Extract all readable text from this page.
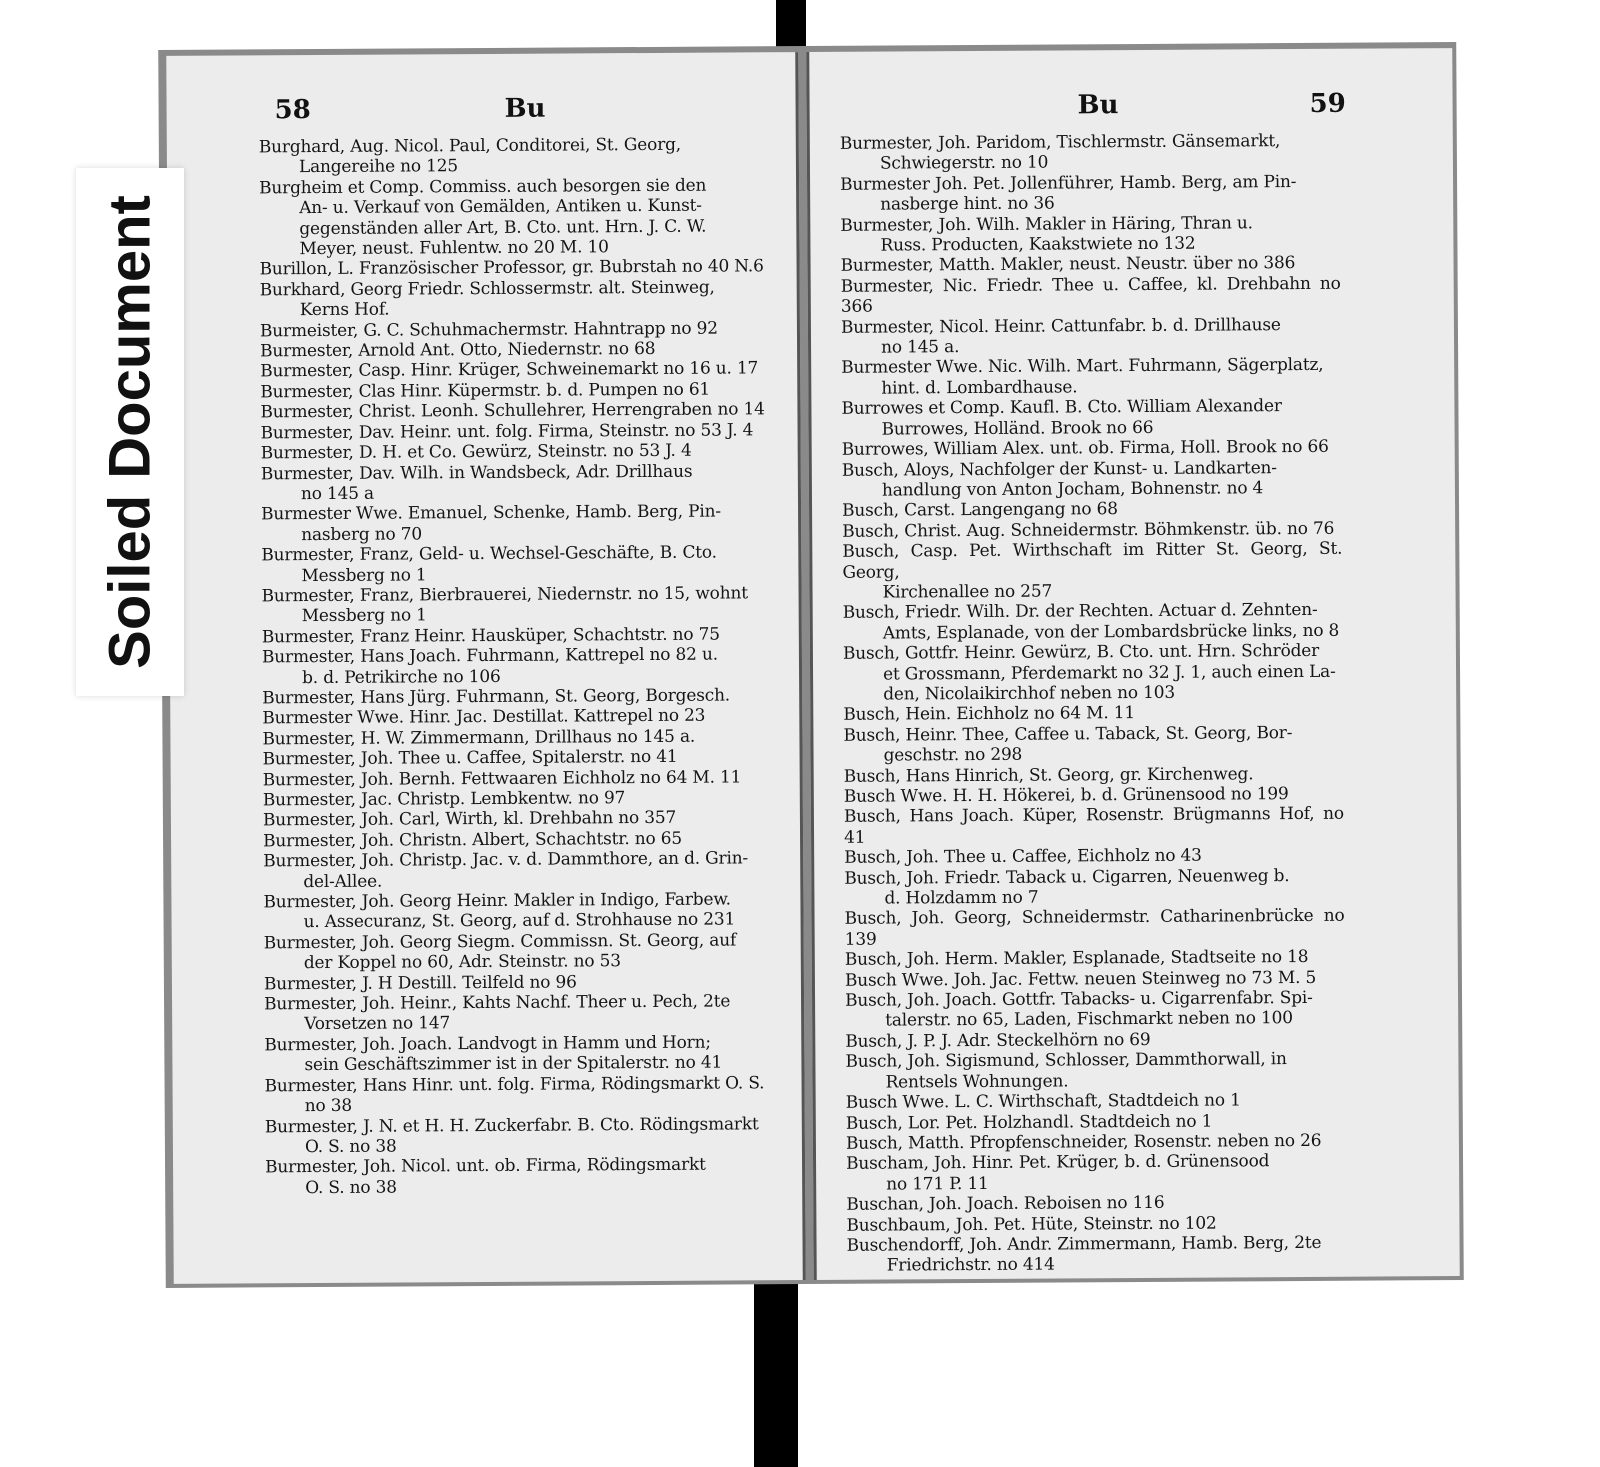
58	Bu
Burghard, Aug. Nicol. Paul, Conditorei, St. Georg,
Langereihe no 125
Burgheim et Comp. Commiss. auch besorgen sie den
An- u. Verkauf von Gemälden, Antiken u. Kunst-
gegenständen aller Art, B. Cto. unt. Hrn. J. C. W.
Meyer, neust. Fuhlentw. no 20 M. 10
Burillon, L. Französischer Professor, gr. Bubrstah no 40 N.6
Burkhard, Georg Friedr. Schlossermstr. alt. Steinweg,
Kerns Hof.
Burmeister, G. C. Schuhmachermstr. Hahntrapp no 92
Burmester, Arnold Ant. Otto, Niedernstr. no 68
Burmester, Casp. Hinr. Krüger, Schweinemarkt no 16 u. 17
Burmester, Clas Hinr. Küpermstr. b. d. Pumpen no 61
Burmester, Christ. Leonh. Schullehrer, Herrengraben no 14
Burmester, Dav. Heinr. unt. folg. Firma, Steinstr. no 53 J. 4
Burmester, D. H. et Co. Gewürz, Steinstr. no 53 J. 4
Burmester, Dav. Wilh. in Wandsbeck, Adr. Drillhaus
no 145 a
Burmester Wwe. Emanuel, Schenke, Hamb. Berg, Pin-
nasberg no 70
Burmester, Franz, Geld- u. Wechsel-Geschäfte, B. Cto.
Messberg no 1
Burmester, Franz, Bierbrauerei, Niedernstr. no 15, wohnt
Messberg no 1
Burmester, Franz Heinr. Hausküper, Schachtstr. no 75
Burmester, Hans Joach. Fuhrmann, Kattrepel no 82 u.
b. d. Petrikirche no 106
Burmester, Hans Jürg. Fuhrmann, St. Georg, Borgesch.
Burmester Wwe. Hinr. Jac. Destillat. Kattrepel no 23
Burmester, H. W. Zimmermann, Drillhaus no 145 a.
Burmester, Joh. Thee u. Caffee, Spitalerstr. no 41
Burmester, Joh. Bernh. Fettwaaren Eichholz no 64 M. 11
Burmester, Jac. Christp. Lembkentw. no 97
Burmester, Joh. Carl, Wirth, kl. Drehbahn no 357
Burmester, Joh. Christn. Albert, Schachtstr. no 65
Burmester, Joh. Christp. Jac. v. d. Dammthore, an d. Grin-
del-Allee.
Burmester, Joh. Georg Heinr. Makler in Indigo, Farbew.
u. Assecuranz, St. Georg, auf d. Strohhause no 231
Burmester, Joh. Georg Siegm. Commissn. St. Georg, auf
der Koppel no 60, Adr. Steinstr. no 53
Burmester, J. H Destill. Teilfeld no 96
Burmester, Joh. Heinr., Kahts Nachf. Theer u. Pech, 2te
Vorsetzen no 147
Burmester, Joh. Joach. Landvogt in Hamm und Horn;
sein Geschäftszimmer ist in der Spitalerstr. no 41
Burmester, Hans Hinr. unt. folg. Firma, Rödingsmarkt O. S.
no 38
Burmester, J. N. et H. H. Zuckerfabr. B. Cto. Rödingsmarkt
O. S. no 38
Burmester, Joh. Nicol. unt. ob. Firma, Rödingsmarkt
O. S. no 38
Bu	59
Burmester, Joh. Paridom, Tischlermstr. Gänsemarkt,
Schwiegerstr. no 10
Burmester Joh. Pet. Jollenführer, Hamb. Berg, am Pin-
nasberge hint. no 36
Burmester, Joh. Wilh. Makler in Häring, Thran u.
Russ. Producten, Kaakstwiete no 132
Burmester, Matth. Makler, neust. Neustr. über no 386
Burmester, Nic. Friedr. Thee u. Caffee, kl. Drehbahn no 366
Burmester, Nicol. Heinr. Cattunfabr. b. d. Drillhause
no 145 a.
Burmester Wwe. Nic. Wilh. Mart. Fuhrmann, Sägerplatz,
hint. d. Lombardhause.
Burrowes et Comp. Kaufl. B. Cto. William Alexander
Burrowes, Holländ. Brook no 66
Burrowes, William Alex. unt. ob. Firma, Holl. Brook no 66
Busch, Aloys, Nachfolger der Kunst- u. Landkarten-
handlung von Anton Jocham, Bohnenstr. no 4
Busch, Carst. Langengang no 68
Busch, Christ. Aug. Schneidermstr. Böhmkenstr. üb. no 76
Busch, Casp. Pet. Wirthschaft im Ritter St. Georg, St. Georg,
Kirchenallee no 257
Busch, Friedr. Wilh. Dr. der Rechten. Actuar d. Zehnten-
Amts, Esplanade, von der Lombardsbrücke links, no 8
Busch, Gottfr. Heinr. Gewürz, B. Cto. unt. Hrn. Schröder
et Grossmann, Pferdemarkt no 32 J. 1, auch einen La-
den, Nicolaikirchhof neben no 103
Busch, Hein. Eichholz no 64 M. 11
Busch, Heinr. Thee, Caffee u. Taback, St. Georg, Bor-
geschstr. no 298
Busch, Hans Hinrich, St. Georg, gr. Kirchenweg.
Busch Wwe. H. H. Hökerei, b. d. Grünensood no 199
Busch, Hans Joach. Küper, Rosenstr. Brügmanns Hof, no 41
Busch, Joh. Thee u. Caffee, Eichholz no 43
Busch, Joh. Friedr. Taback u. Cigarren, Neuenweg b.
d. Holzdamm no 7
Busch, Joh. Georg, Schneidermstr. Catharinenbrücke no 139
Busch, Joh. Herm. Makler, Esplanade, Stadtseite no 18
Busch Wwe. Joh. Jac. Fettw. neuen Steinweg no 73 M. 5
Busch, Joh. Joach. Gottfr. Tabacks- u. Cigarrenfabr. Spi-
talerstr. no 65, Laden, Fischmarkt neben no 100
Busch, J. P. J. Adr. Steckelhörn no 69
Busch, Joh. Sigismund, Schlosser, Dammthorwall, in
Rentsels Wohnungen.
Busch Wwe. L. C. Wirthschaft, Stadtdeich no 1
Busch, Lor. Pet. Holzhandl. Stadtdeich no 1
Busch, Matth. Pfropfenschneider, Rosenstr. neben no 26
Buscham, Joh. Hinr. Pet. Krüger, b. d. Grünensood
no 171 P. 11
Buschan, Joh. Joach. Reboisen no 116
Buschbaum, Joh. Pet. Hüte, Steinstr. no 102
Buschendorff, Joh. Andr. Zimmermann, Hamb. Berg, 2te
Friedrichstr. no 414
Soiled Document
